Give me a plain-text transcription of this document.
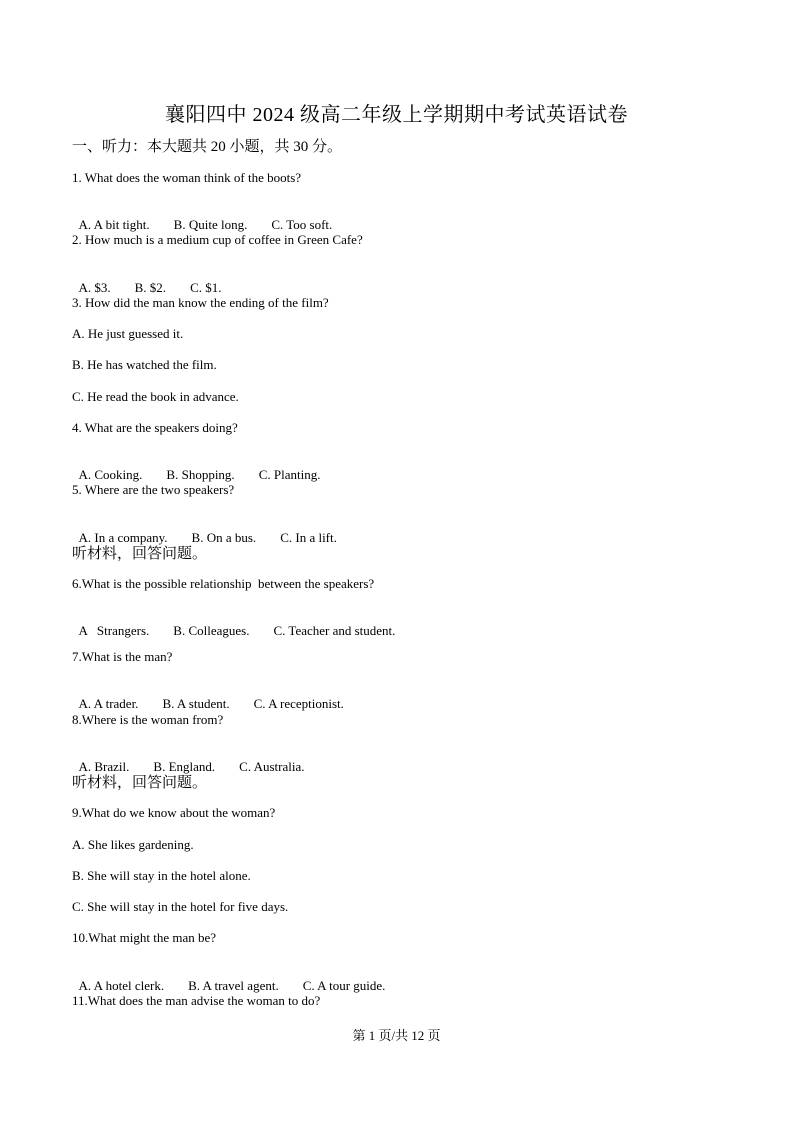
襄阳四中 2024 级高二年级上学期期中考试英语试卷
一、听力：本大题共 20 小题，共 30 分。
1. What does the woman think of the boots?

A. A bit tight. B. Quite long. C. Too soft.

2. How much is a medium cup of coffee in Green Cafe?

A. $3. B. $2. C. $1.

3. How did the man know the ending of the film?
A. He just guessed it.
B. He has watched the film.
C. He read the book in advance.
4. What are the speakers doing?

A. Cooking. B. Shopping. C. Planting.

5. Where are the two speakers?

A. In a company. B. On a bus. C. In a lift.

听材料，回答问题。
6.What is the possible relationship  between the speakers?

A   Strangers. B. Colleagues. C. Teacher and student.

7.What is the man?

A. A trader. B. A student. C. A receptionist.

8.Where is the woman from?

A. Brazil. B. England. C. Australia.

听材料，回答问题。
9.What do we know about the woman?
A. She likes gardening.
B. She will stay in the hotel alone.
C. She will stay in the hotel for five days.
10.What might the man be?

A. A hotel clerk. B. A travel agent. C. A tour guide.

11.What does the man advise the woman to do?
第 1 页/共 12 页
